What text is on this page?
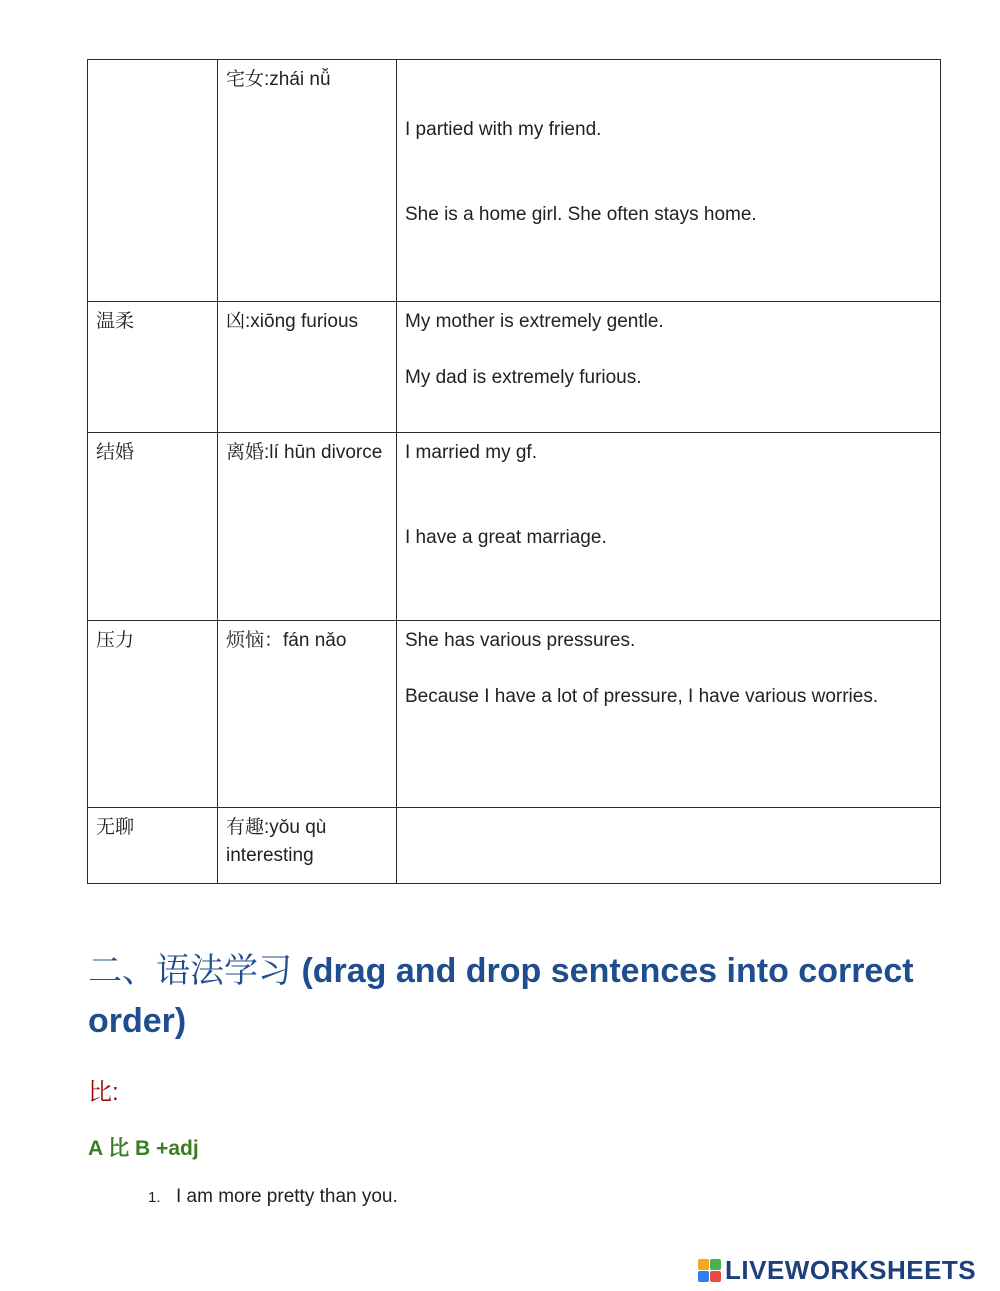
	宅女:zhái nǚ	I partied with my friend.
She is a home girl. She often stays home.

温柔	凶:xiōng furious	My mother is extremely gentle.
My dad is extremely furious.

结婚	离婚:lí hūn divorce	I married my gf.
I have a great marriage.

压力	烦恼：fán nǎo	She has various pressures.
Because I have a lot of pressure, I have various worries.

无聊	有趣:yǒu qù interesting	
二、语法学习 (drag and drop sentences into correct order)

比:

A 比 B +adj

1. I am more pretty than you.
LIVEWORKSHEETS
